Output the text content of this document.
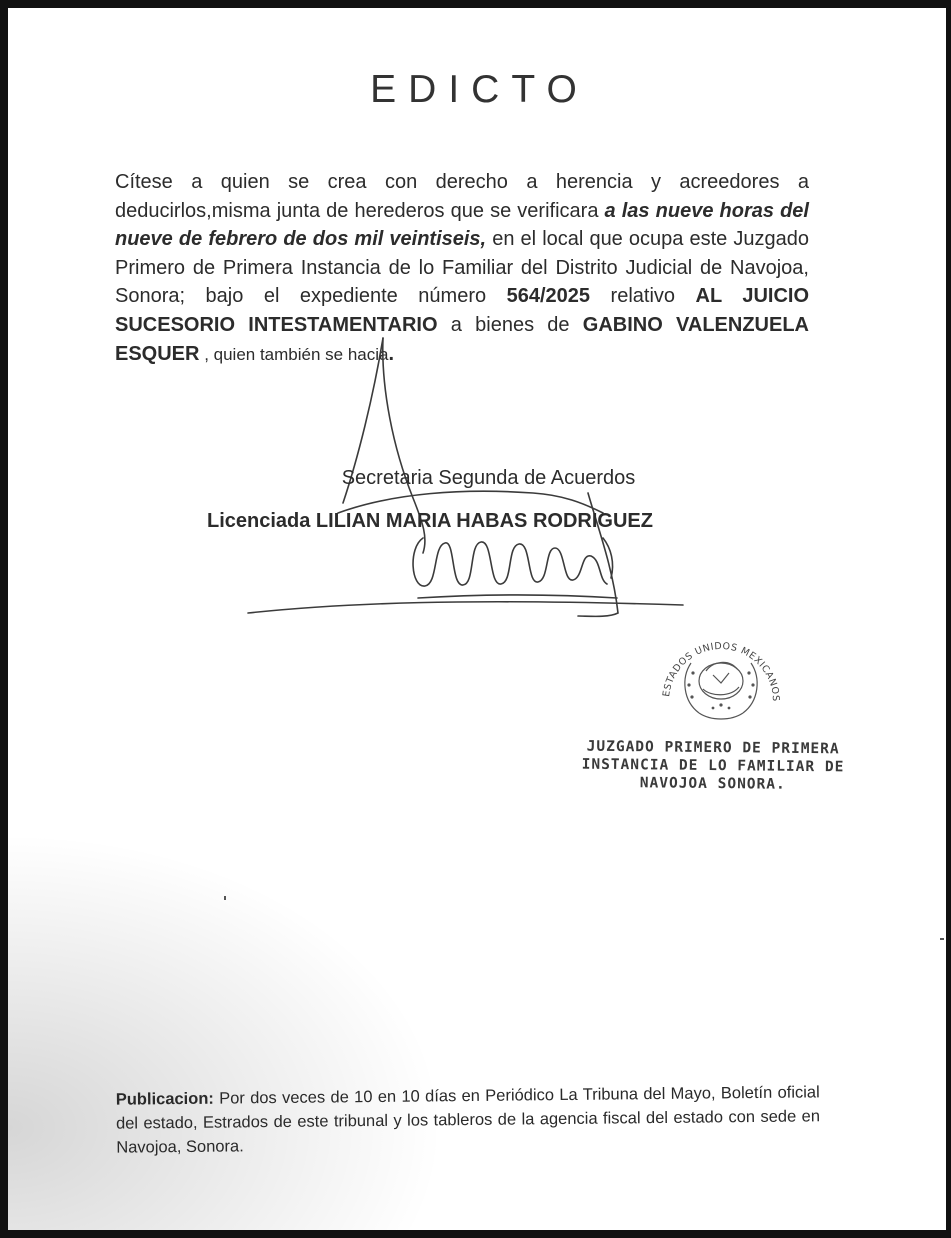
EDICTO
Cítese a quien se crea con derecho a herencia y acreedores a deducirlos,misma junta de herederos que se verificara a las nueve horas del nueve de febrero de dos mil veintiseis, en el local que ocupa este Juzgado Primero de Primera Instancia de lo Familiar del Distrito Judicial de Navojoa, Sonora; bajo el expediente número 564/2025 relativo AL JUICIO SUCESORIO INTESTAMENTARIO a bienes de GABINO VALENZUELA ESQUER , quien también se hacia.
Secretaria Segunda de Acuerdos
Licenciada LILIAN MARIA HABAS RODRIGUEZ
ESTADOS UNIDOS MEXICANOS
JUZGADO PRIMERO DE PRIMERA
INSTANCIA DE LO FAMILIAR DE
NAVOJOA SONORA.
Publicacion: Por dos veces de 10 en 10 días en Periódico La Tribuna del Mayo, Boletín oficial del estado, Estrados de este tribunal y los tableros de la agencia fiscal del estado con sede en Navojoa, Sonora.
